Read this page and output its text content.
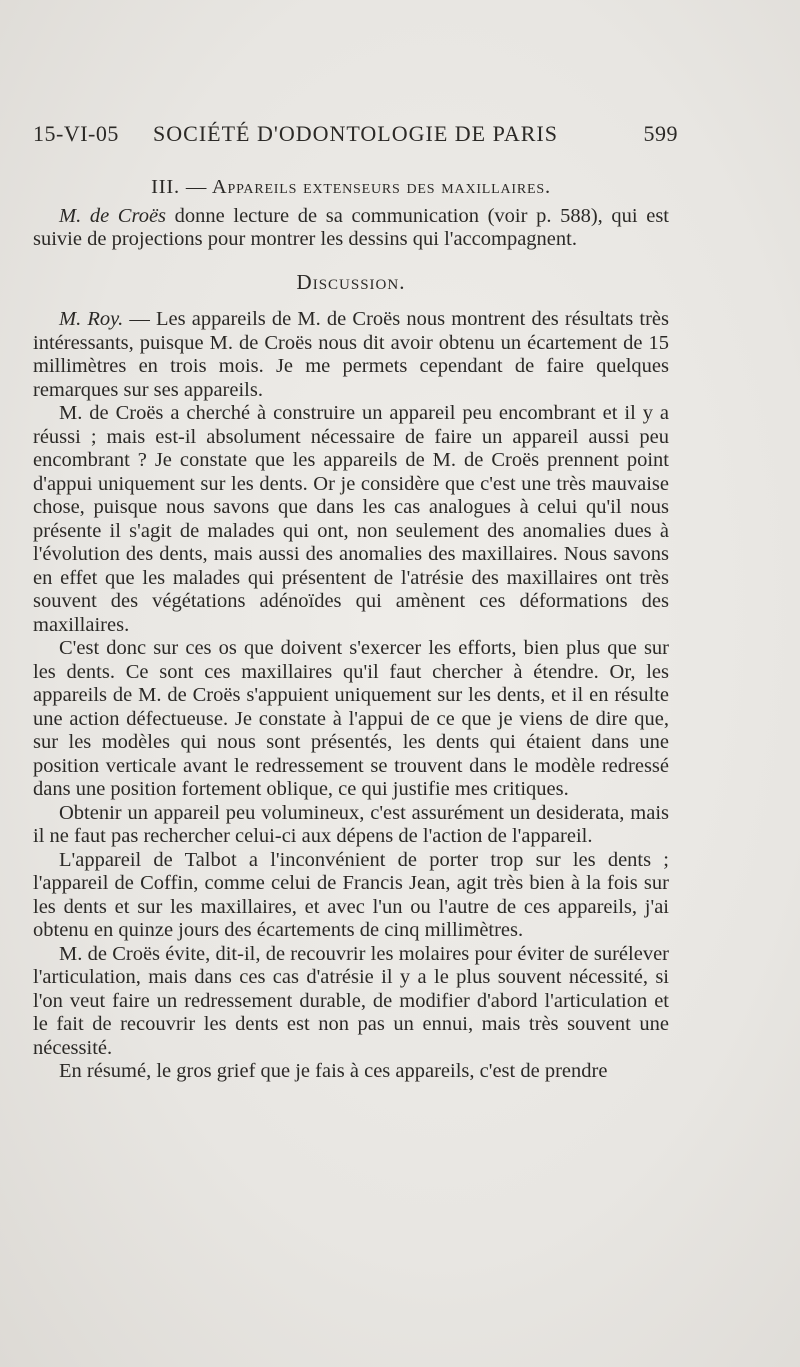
15-VI-05	SOCIÉTÉ D'ODONTOLOGIE DE PARIS	599
III. — Appareils extenseurs des maxillaires.

M. de Croës donne lecture de sa communication (voir p. 588), qui est suivie de projections pour montrer les dessins qui l'accompagnent.

Discussion.

M. Roy. — Les appareils de M. de Croës nous montrent des résultats très intéressants, puisque M. de Croës nous dit avoir obtenu un écartement de 15 millimètres en trois mois. Je me permets cependant de faire quelques remarques sur ses appareils.

M. de Croës a cherché à construire un appareil peu encombrant et il y a réussi ; mais est-il absolument nécessaire de faire un appareil aussi peu encombrant ? Je constate que les appareils de M. de Croës prennent point d'appui uniquement sur les dents. Or je considère que c'est une très mauvaise chose, puisque nous savons que dans les cas analogues à celui qu'il nous présente il s'agit de malades qui ont, non seulement des anomalies dues à l'évolution des dents, mais aussi des anomalies des maxillaires. Nous savons en effet que les malades qui présentent de l'atrésie des maxillaires ont très souvent des végétations adénoïdes qui amènent ces déformations des maxillaires.

C'est donc sur ces os que doivent s'exercer les efforts, bien plus que sur les dents. Ce sont ces maxillaires qu'il faut chercher à étendre. Or, les appareils de M. de Croës s'appuient uniquement sur les dents, et il en résulte une action défectueuse. Je constate à l'appui de ce que je viens de dire que, sur les modèles qui nous sont présentés, les dents qui étaient dans une position verticale avant le redressement se trouvent dans le modèle redressé dans une position fortement oblique, ce qui justifie mes critiques.

Obtenir un appareil peu volumineux, c'est assurément un desiderata, mais il ne faut pas rechercher celui-ci aux dépens de l'action de l'appareil.

L'appareil de Talbot a l'inconvénient de porter trop sur les dents ; l'appareil de Coffin, comme celui de Francis Jean, agit très bien à la fois sur les dents et sur les maxillaires, et avec l'un ou l'autre de ces appareils, j'ai obtenu en quinze jours des écartements de cinq millimètres.

M. de Croës évite, dit-il, de recouvrir les molaires pour éviter de surélever l'articulation, mais dans ces cas d'atrésie il y a le plus souvent nécessité, si l'on veut faire un redressement durable, de modifier d'abord l'articulation et le fait de recouvrir les dents est non pas un ennui, mais très souvent une nécessité.

En résumé, le gros grief que je fais à ces appareils, c'est de prendre
